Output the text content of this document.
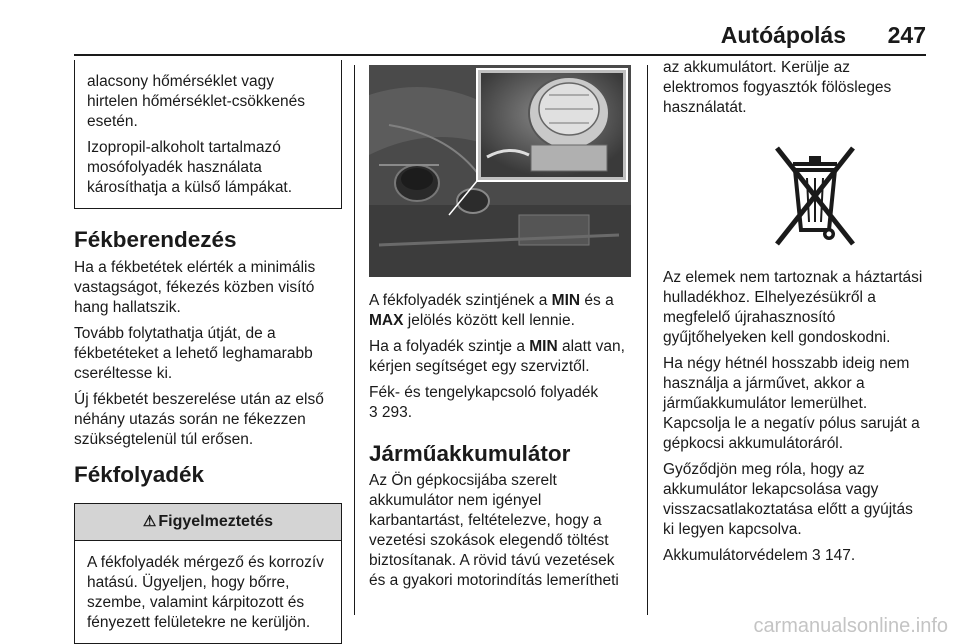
Autóápolás 247

alacsony hőmérséklet vagy
hirtelen hőmérséklet-csökkenés
esetén.

Izopropil-alkoholt tartalmazó
mosófolyadék használata
károsíthatja a külső lámpákat.

Fékberendezés

Ha a fékbetétek elérték a minimális
vastagságot, fékezés közben visító
hang hallatszik.

Tovább folytathatja útját, de a
fékbetéteket a lehető leghamarabb
cseréltesse ki.

Új fékbetét beszerelése után az első
néhány utazás során ne fékezzen
szükségtelenül túl erősen.

Fékfolyadék
⚠ Figyelmeztetés
A fékfolyadék mérgező és korrozív
hatású. Ügyeljen, hogy bőrre,
szembe, valamint kárpitozott és
fényezett felületekre ne kerüljön.

A fékfolyadék szintjének a MIN és a
MAX jelölés között kell lennie.

Ha a folyadék szintje a MIN alatt van,
kérjen segítséget egy szerviztől.

Fék- és tengelykapcsoló folyadék
3 293.

Járműakkumulátor

Az Ön gépkocsijába szerelt
akkumulátor nem igényel
karbantartást, feltételezve, hogy a
vezetési szokások elegendő töltést
biztosítanak. A rövid távú vezetések
és a gyakori motorindítás lemerítheti

az akkumulátort. Kerülje az
elektromos fogyasztók fölösleges
használatát.

Az elemek nem tartoznak a háztartási
hulladékhoz. Elhelyezésükről a
megfelelő újrahasznosító
gyűjtőhelyeken kell gondoskodni.

Ha négy hétnél hosszabb ideig nem
használja a járművet, akkor a
járműakkumulátor lemerülhet.
Kapcsolja le a negatív pólus saruját a
gépkocsi akkumulátoráról.

Győződjön meg róla, hogy az
akkumulátor lekapcsolása vagy
visszacsatlakoztatása előtt a gyújtás
ki legyen kapcsolva.

Akkumulátorvédelem 3 147.

carmanualsonline.info
